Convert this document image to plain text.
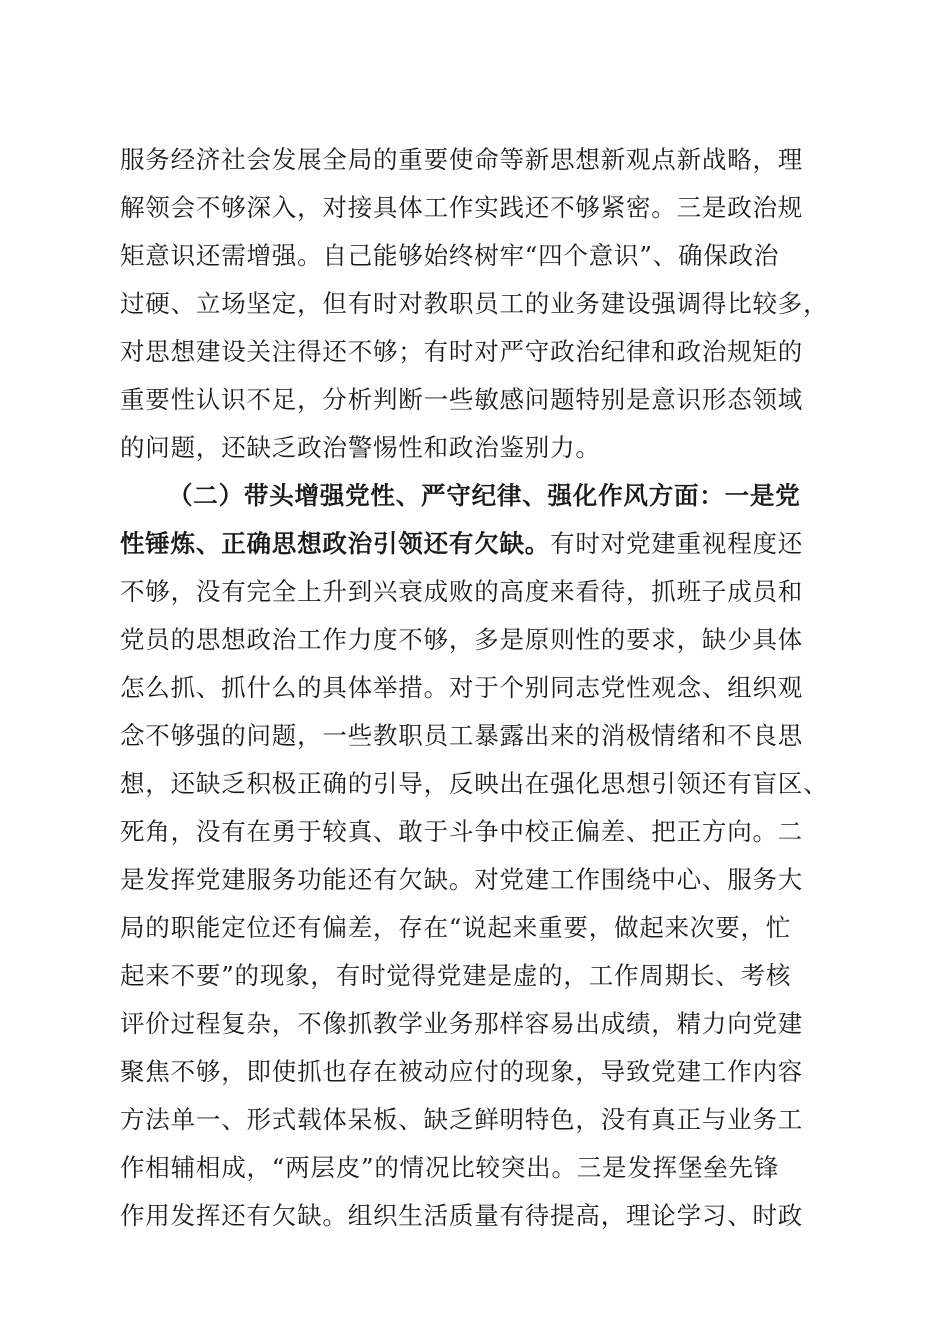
服务经济社会发展全局的重要使命等新思想新观点新战略，理
解领会不够深入，对接具体工作实践还不够紧密。三是政治规
矩意识还需增强。自己能够始终树牢“四个意识”、确保政治
过硬、立场坚定，但有时对教职员工的业务建设强调得比较多，
对思想建设关注得还不够；有时对严守政治纪律和政治规矩的
重要性认识不足，分析判断一些敏感问题特别是意识形态领域
的问题，还缺乏政治警惕性和政治鉴别力。
（二）带头增强党性、严守纪律、强化作风方面：一是党
性锤炼、正确思想政治引领还有欠缺。有时对党建重视程度还
不够，没有完全上升到兴衰成败的高度来看待，抓班子成员和
党员的思想政治工作力度不够，多是原则性的要求，缺少具体
怎么抓、抓什么的具体举措。对于个别同志党性观念、组织观
念不够强的问题，一些教职员工暴露出来的消极情绪和不良思
想，还缺乏积极正确的引导，反映出在强化思想引领还有盲区、
死角，没有在勇于较真、敢于斗争中校正偏差、把正方向。二
是发挥党建服务功能还有欠缺。对党建工作围绕中心、服务大
局的职能定位还有偏差，存在“说起来重要，做起来次要，忙
起来不要”的现象，有时觉得党建是虚的，工作周期长、考核
评价过程复杂，不像抓教学业务那样容易出成绩，精力向党建
聚焦不够，即使抓也存在被动应付的现象，导致党建工作内容
方法单一、形式载体呆板、缺乏鲜明特色，没有真正与业务工
作相辅相成，“两层皮”的情况比较突出。三是发挥堡垒先锋
作用发挥还有欠缺。组织生活质量有待提高，理论学习、时政
